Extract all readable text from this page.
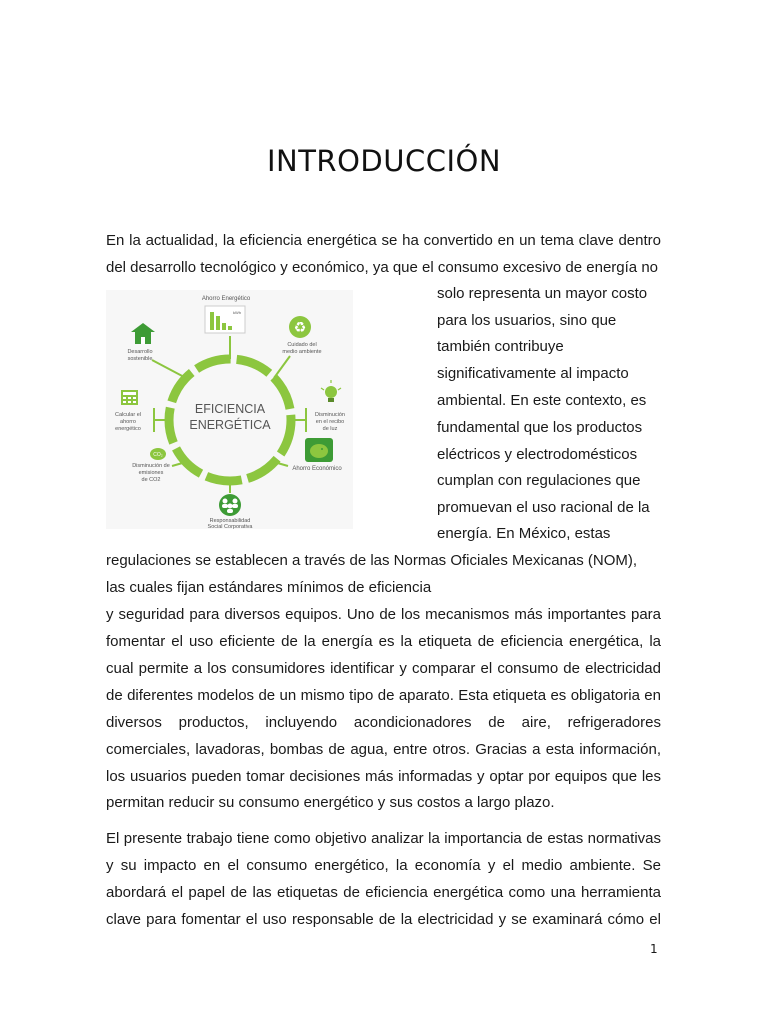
INTRODUCCIÓN
En la actualidad, la eficiencia energética se ha convertido en un tema clave dentro
del desarrollo tecnológico y económico, ya que el consumo excesivo de energía no
EFICIENCIA
ENERGÉTICA
Ahorro Energético
kWh
♻
Cuidado del
medio ambiente
Disminución
en el recibo
de luz
Ahorro Económico
Responsabilidad
Social Corporativa
CO₂
Disminución de
emisiones
de CO2
Calcular el
ahorro
energético
Desarrollo
sostenible
solo representa un mayor costo
para los usuarios, sino que
también contribuye
significativamente al impacto
ambiental. En este contexto, es
fundamental que los productos
eléctricos y electrodomésticos
cumplan con regulaciones que
promuevan el uso racional de la
energía. En México, estas
regulaciones se establecen a través de las Normas Oficiales Mexicanas (NOM),
las cuales fijan estándares mínimos de eficiencia
y seguridad para diversos equipos. Uno de los mecanismos más importantes para
fomentar el uso eficiente de la energía es la etiqueta de eficiencia energética, la
cual permite a los consumidores identificar y comparar el consumo de electricidad
de diferentes modelos de un mismo tipo de aparato. Esta etiqueta es obligatoria en
diversos productos, incluyendo acondicionadores de aire, refrigeradores
comerciales, lavadoras, bombas de agua, entre otros. Gracias a esta información,
los usuarios pueden tomar decisiones más informadas y optar por equipos que les
permitan reducir su consumo energético y sus costos a largo plazo.
El presente trabajo tiene como objetivo analizar la importancia de estas normativas
y su impacto en el consumo energético, la economía y el medio ambiente. Se
abordará el papel de las etiquetas de eficiencia energética como una herramienta
clave para fomentar el uso responsable de la electricidad y se examinará cómo el
1
